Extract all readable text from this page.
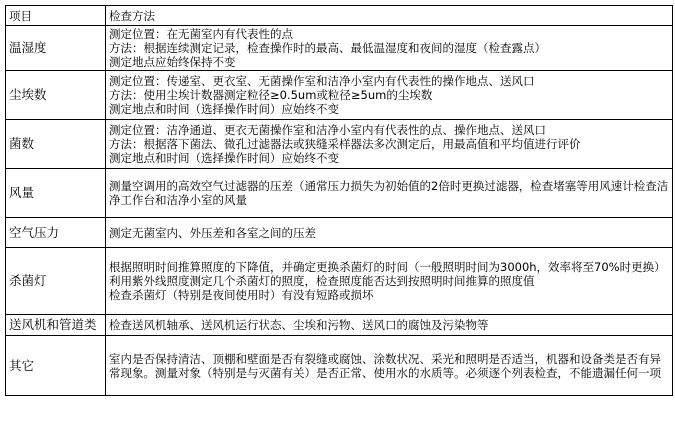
项目	检查方法
温湿度	测定位置：在无菌室内有代表性的点
方法：根据连续测定记录，检查操作时的最高、最低温湿度和夜间的湿度（检查露点）
测定地点应始终保持不变

尘埃数	测定位置：传递室、更衣室、无菌操作室和洁净小室内有代表性的操作地点、送风口
方法：使用尘埃计数器测定粒径≥0.5um或粒径≥5um的尘埃数
测定地点和时间（选择操作时间）应始终不变

菌数	测定位置：洁净通道、更衣无菌操作室和洁净小室内有代表性的点、操作地点、送风口
方法：根据落下菌法、微孔过滤器法或狭缝采样器法多次测定后，用最高值和平均值进行评价
测定地点和时间（选择操作时间）应始终不变

风量	测量空调用的高效空气过滤器的压差（通常压力损失为初始值的2倍时更换过滤器，检查堵塞等用风速计检查洁净工作台和洁净小室的风量

空气压力	测定无菌室内、外压差和各室之间的压差

杀菌灯	根据照明时间推算照度的下降值，并确定更换杀菌灯的时间（一般照明时间为3000h，效率将至70%时更换）
利用紫外线照度测定几个杀菌灯的照度，检查照度能否达到按照明时间推算的照度值
检查杀菌灯（特别是夜间使用时）有没有短路或损坏

送风机和管道类	检查送风机轴承、送风机运行状态、尘埃和污物、送风口的腐蚀及污染物等

其它	室内是否保持清洁、顶棚和壁面是否有裂缝或腐蚀、涂数状况、采光和照明是否适当，机器和设备类是否有异常现象。测量对象（特别是与灭菌有关）是否正常、使用水的水质等。必须逐个列表检查，不能遗漏任何一项
